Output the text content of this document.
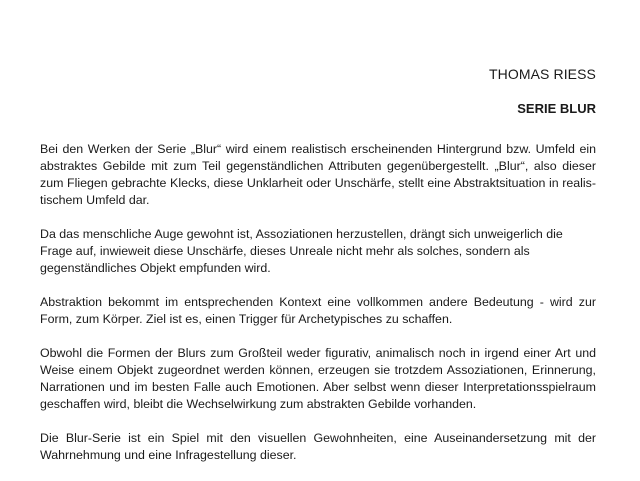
THOMAS RIESS
SERIE BLUR

Bei den Werken der Serie „Blur“ wird einem realistisch erscheinenden Hintergrund bzw. Umfeld ein abstraktes Gebilde mit zum Teil gegenständlichen Attributen gegenübergestellt. „Blur“, also dieser zum Fliegen gebrachte Klecks, diese Unklarheit oder Unschärfe, stellt eine Abstraktsituation in realis-tischem Umfeld dar.

Da das menschliche Auge gewohnt ist, Assoziationen herzustellen, drängt sich unweigerlich die Frage auf, inwieweit diese Unschärfe, dieses Unreale nicht mehr als solches, sondern als gegenständliches Objekt empfunden wird.

Abstraktion bekommt im entsprechenden Kontext eine vollkommen andere Bedeutung - wird zur Form, zum Körper. Ziel ist es, einen Trigger für Archetypisches zu schaffen.

Obwohl die Formen der Blurs zum Großteil weder figurativ, animalisch noch in irgend einer Art und Weise einem Objekt zugeordnet werden können, erzeugen sie trotzdem Assoziationen, Erinnerung, Narrationen und im besten Falle auch Emotionen. Aber selbst wenn dieser Interpretationsspielraum geschaffen wird, bleibt die Wechselwirkung zum abstrakten Gebilde vorhanden.

Die Blur-Serie ist ein Spiel mit den visuellen Gewohnheiten, eine Auseinandersetzung mit der Wahrnehmung und eine Infragestellung dieser.
